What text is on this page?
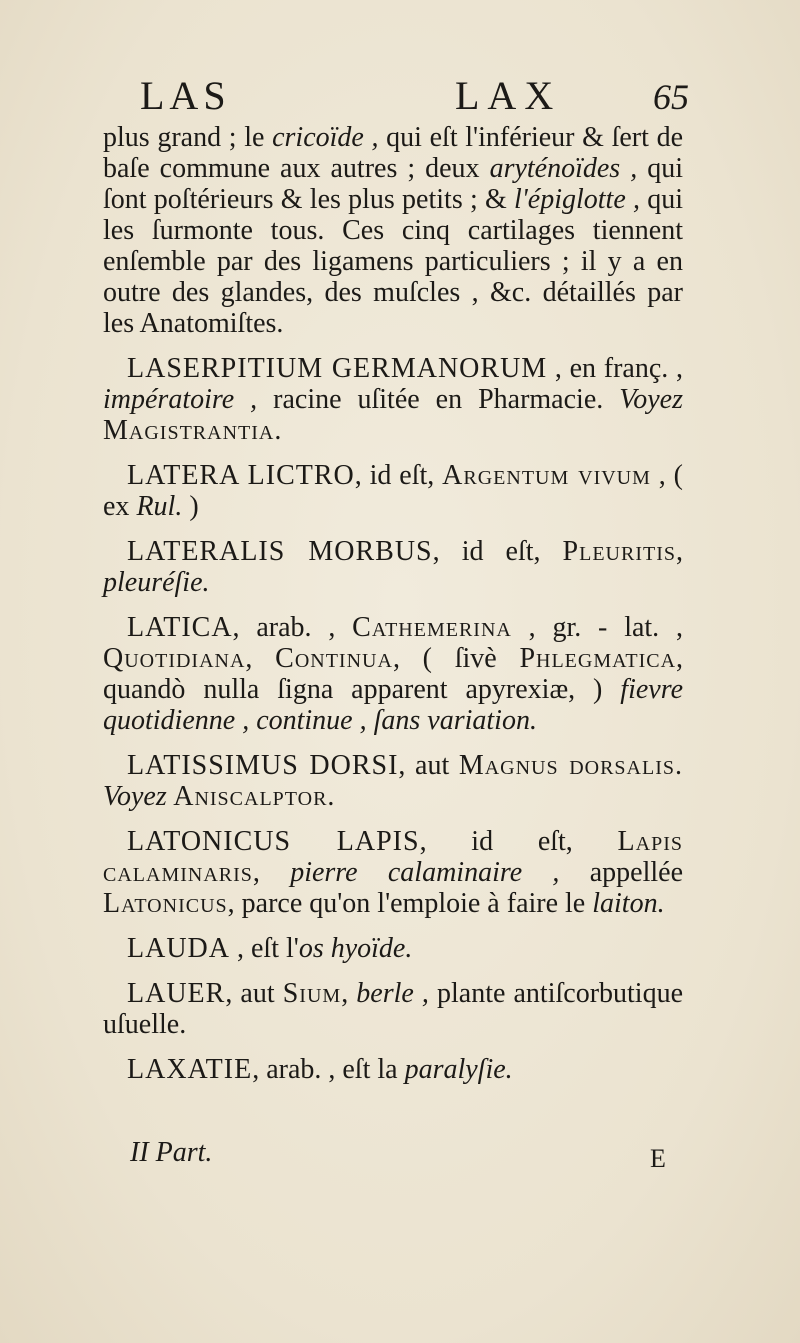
LAS	LAX	65

plus grand ; le cricoïde , qui eſt l'inférieur & ſert de baſe commune aux autres ; deux aryténoïdes , qui ſont poſtérieurs & les plus petits ; & l'épiglotte , qui les ſurmonte tous. Ces cinq cartilages tiennent enſemble par des ligamens particuliers ; il y a en outre des glandes, des muſcles , &c. détaillés par les Anatomiſtes.

LASERPITIUM GERMANORUM , en franç. , impératoire , racine uſitée en Pharmacie. Voyez Magistrantia.

LATERA LICTRO, id eſt, Argentum vivum , ( ex Rul. )

LATERALIS MORBUS, id eſt, Pleuritis, pleuréſie.

LATICA, arab. , Cathemerina , gr. - lat. , Quotidiana, Continua, ( ſivè Phlegmatica, quandò nulla ſigna apparent apyrexiæ, ) fievre quotidienne , continue , ſans variation.

LATISSIMUS DORSI, aut Magnus dorsalis. Voyez Aniscalptor.

LATONICUS LAPIS, id eſt, Lapis calaminaris, pierre calaminaire , appellée Latonicus, parce qu'on l'emploie à faire le laiton.

LAUDA , eſt l'os hyoïde.

LAUER, aut Sium, berle , plante antiſcorbutique uſuelle.

LAXATIE, arab. , eſt la paralyſie.

II Part.	E
